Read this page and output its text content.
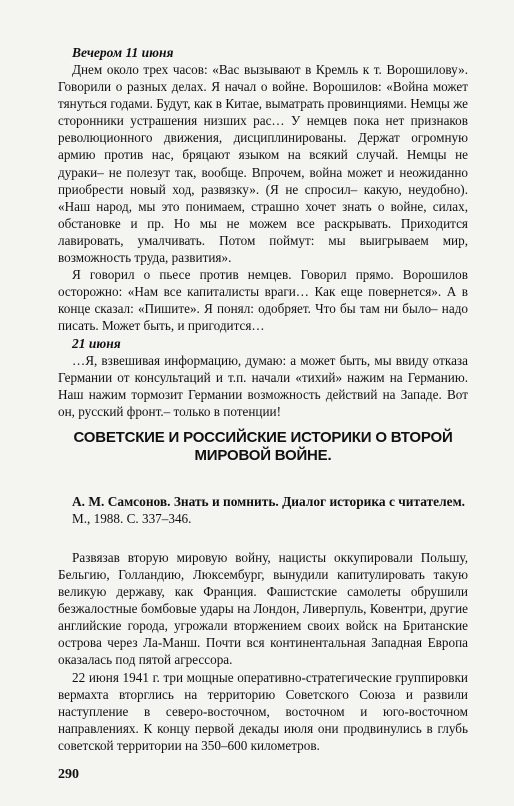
Вечером 11 июня

Днем около трех часов: «Вас вызывают в Кремль к т. Ворошилову». Говорили о разных делах. Я начал о войне. Ворошилов: «Война может тянуться годами. Будут, как в Китае, выматрать провинциями. Немцы же сторонники устрашения низших рас… У немцев пока нет признаков революционного движения, дисциплинированы. Держат огромную армию против нас, бряцают языком на всякий случай. Немцы не дураки– не полезут так, вообще. Впрочем, война может и неожиданно приобрести новый ход, развязку». (Я не спросил– какую, неудобно). «Наш народ, мы это понимаем, страшно хочет знать о войне, силах, обстановке и пр. Но мы не можем все раскрывать. Приходится лавировать, умалчивать. Потом поймут: мы выигрываем мир, возможность труда, развития».

Я говорил о пьесе против немцев. Говорил прямо. Ворошилов осторожно: «Нам все капиталисты враги… Как еще повернется». А в конце сказал: «Пишите». Я понял: одобряет. Что бы там ни было– надо писать. Может быть, и пригодится…

21 июня

…Я, взвешивая информацию, думаю: а может быть, мы ввиду отказа Германии от консультаций и т.п. начали «тихий» нажим на Германию. Наш нажим тормозит Германии возможность действий на Западе. Вот он, русский фронт.– только в потенции!

СОВЕТСКИЕ И РОССИЙСКИЕ ИСТОРИКИ О ВТОРОЙ МИРОВОЙ ВОЙНЕ.

А. М. Самсонов. Знать и помнить. Диалог историка с читателем.

М., 1988. С. 337–346.

Развязав вторую мировую войну, нацисты оккупировали Польшу, Бельгию, Голландию, Люксембург, вынудили капитулировать такую великую державу, как Франция. Фашистские самолеты обрушили безжалостные бомбовые удары на Лондон, Ливерпуль, Ковентри, другие английские города, угрожали вторжением своих войск на Британские острова через Ла-Манш. Почти вся континентальная Западная Европа оказалась под пятой агрессора.

22 июня 1941 г. три мощные оперативно-стратегические группировки вермахта вторглись на территорию Советского Союза и развили наступление в северо-восточном, восточном и юго-восточном направлениях. К концу первой декады июля они продвинулись в глубь советской территории на 350–600 километров.

290
